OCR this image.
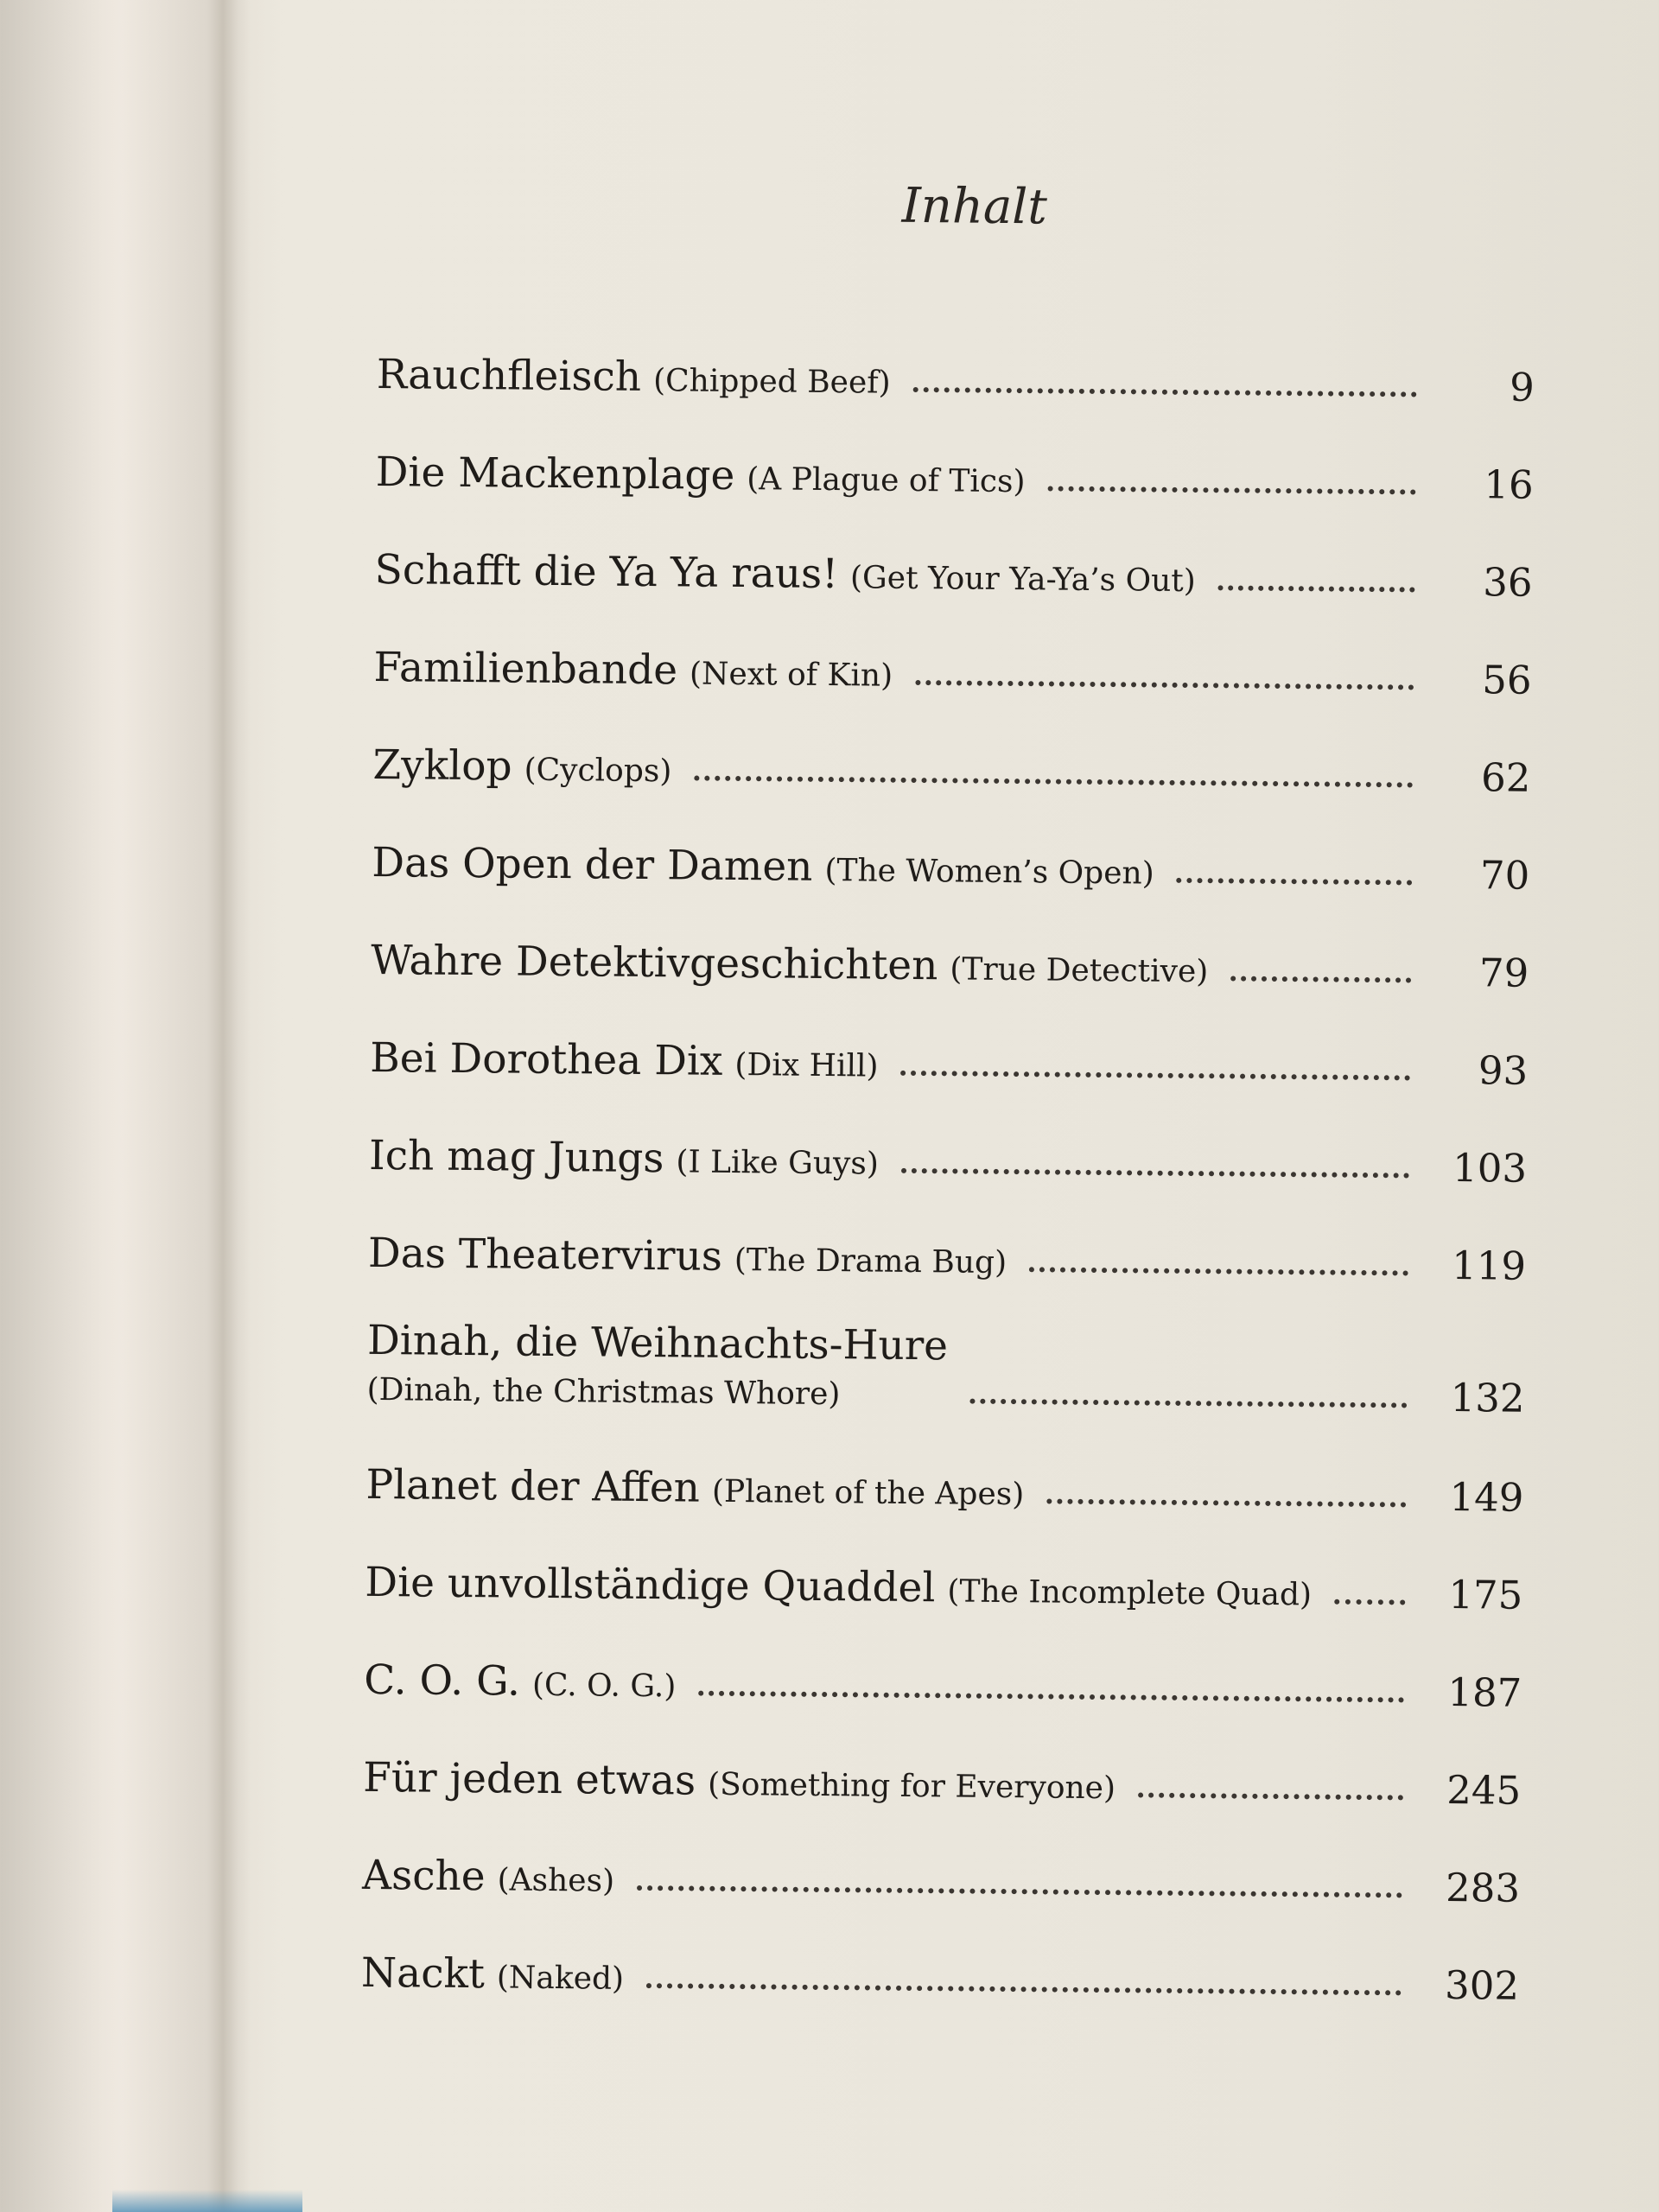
Inhalt
Rauchfleisch (Chipped Beef)	9
Die Mackenplage (A Plague of Tics)	16
Schafft die Ya Ya raus! (Get Your Ya-Ya’s Out)	36
Familienbande (Next of Kin)	56
Zyklop (Cyclops)	62
Das Open der Damen (The Women’s Open)	70
Wahre Detektivgeschichten (True Detective)	79
Bei Dorothea Dix (Dix Hill)	93
Ich mag Jungs (I Like Guys)	103
Das Theatervirus (The Drama Bug)	119
Dinah, die Weihnachts-Hure
(Dinah, the Christmas Whore)	132
Planet der Affen (Planet of the Apes)	149
Die unvollständige Quaddel (The Incomplete Quad)	175
C. O. G. (C. O. G.)	187
Für jeden etwas (Something for Everyone)	245
Asche (Ashes)	283
Nackt (Naked)	302
